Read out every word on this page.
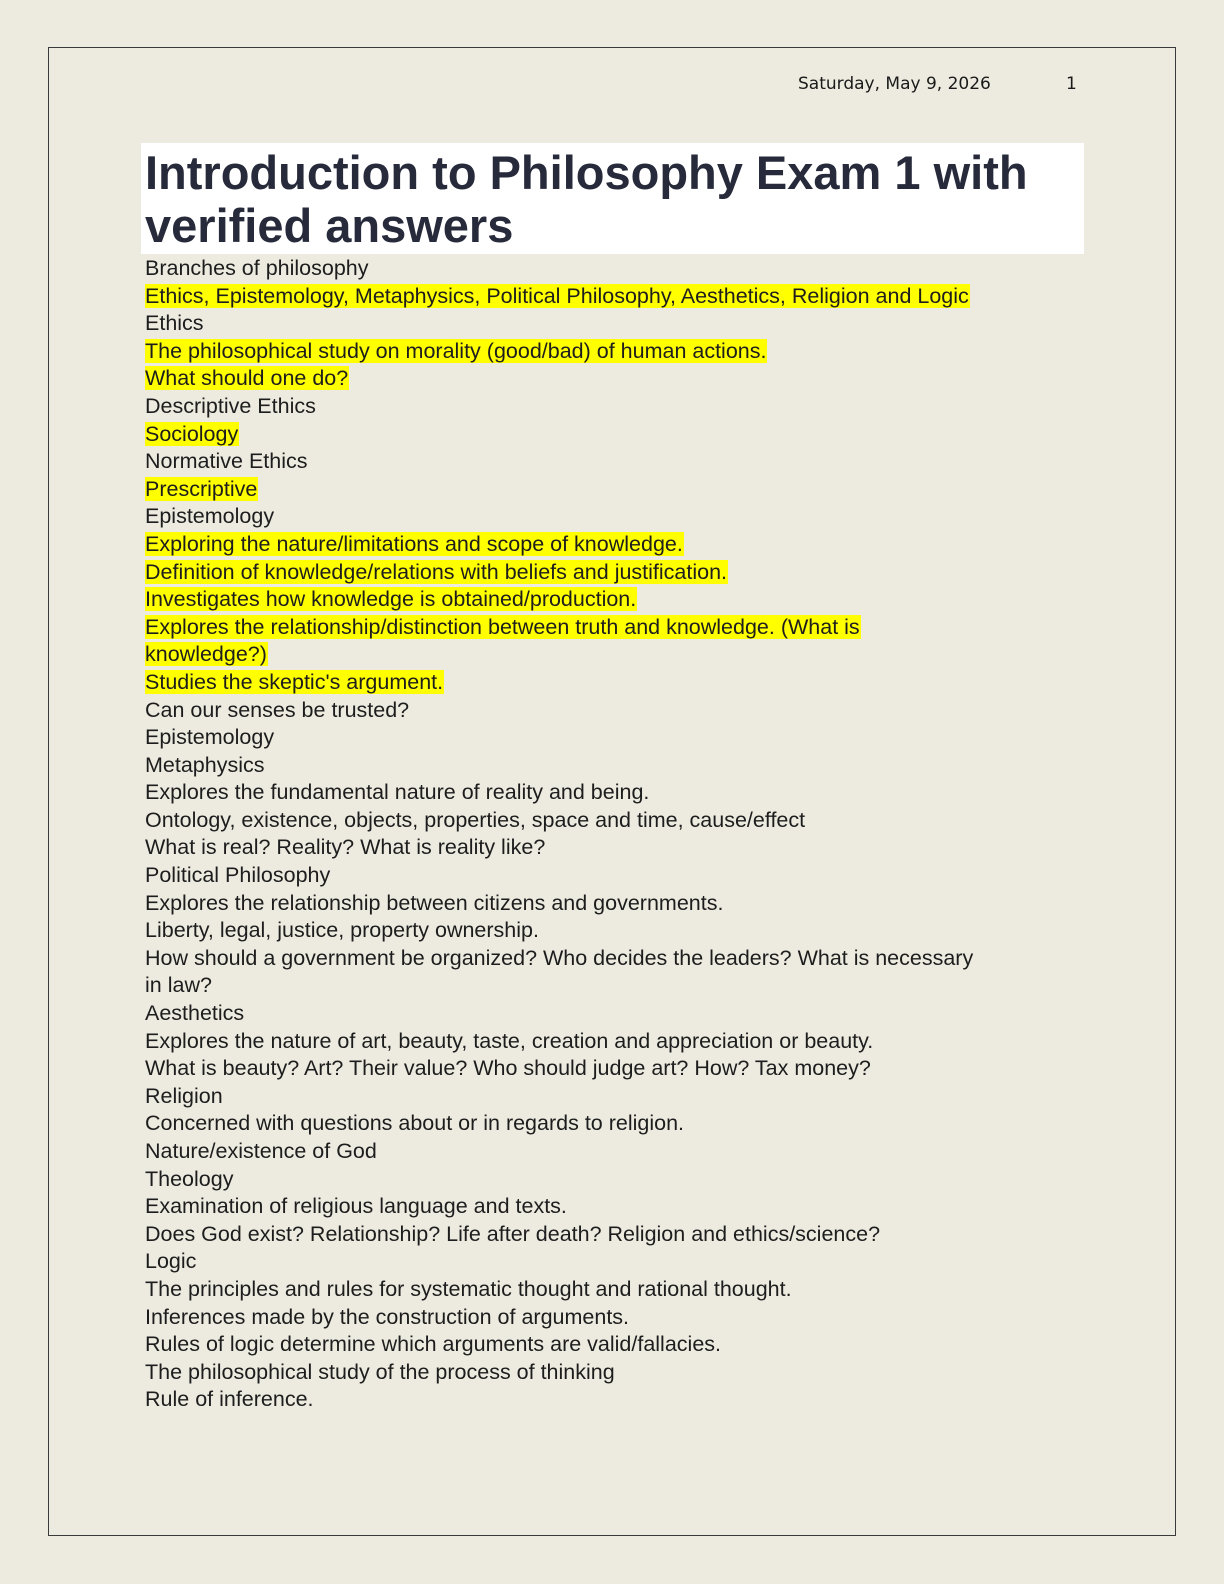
Saturday, May 9, 2026	1
Introduction to Philosophy Exam 1 with verified answers
Branches of philosophy
Ethics, Epistemology, Metaphysics, Political Philosophy, Aesthetics, Religion and Logic
Ethics
The philosophical study on morality (good/bad) of human actions.
What should one do?
Descriptive Ethics
Sociology
Normative Ethics
Prescriptive
Epistemology
Exploring the nature/limitations and scope of knowledge.
Definition of knowledge/relations with beliefs and justification.
Investigates how knowledge is obtained/production.
Explores the relationship/distinction between truth and knowledge. (What is
knowledge?)
Studies the skeptic's argument.
Can our senses be trusted?
Epistemology
Metaphysics
Explores the fundamental nature of reality and being.
Ontology, existence, objects, properties, space and time, cause/effect
What is real? Reality? What is reality like?
Political Philosophy
Explores the relationship between citizens and governments.
Liberty, legal, justice, property ownership.
How should a government be organized? Who decides the leaders? What is necessary
in law?
Aesthetics
Explores the nature of art, beauty, taste, creation and appreciation or beauty.
What is beauty? Art? Their value? Who should judge art? How? Tax money?
Religion
Concerned with questions about or in regards to religion.
Nature/existence of God
Theology
Examination of religious language and texts.
Does God exist? Relationship? Life after death? Religion and ethics/science?
Logic
The principles and rules for systematic thought and rational thought.
Inferences made by the construction of arguments.
Rules of logic determine which arguments are valid/fallacies.
The philosophical study of the process of thinking
Rule of inference.
